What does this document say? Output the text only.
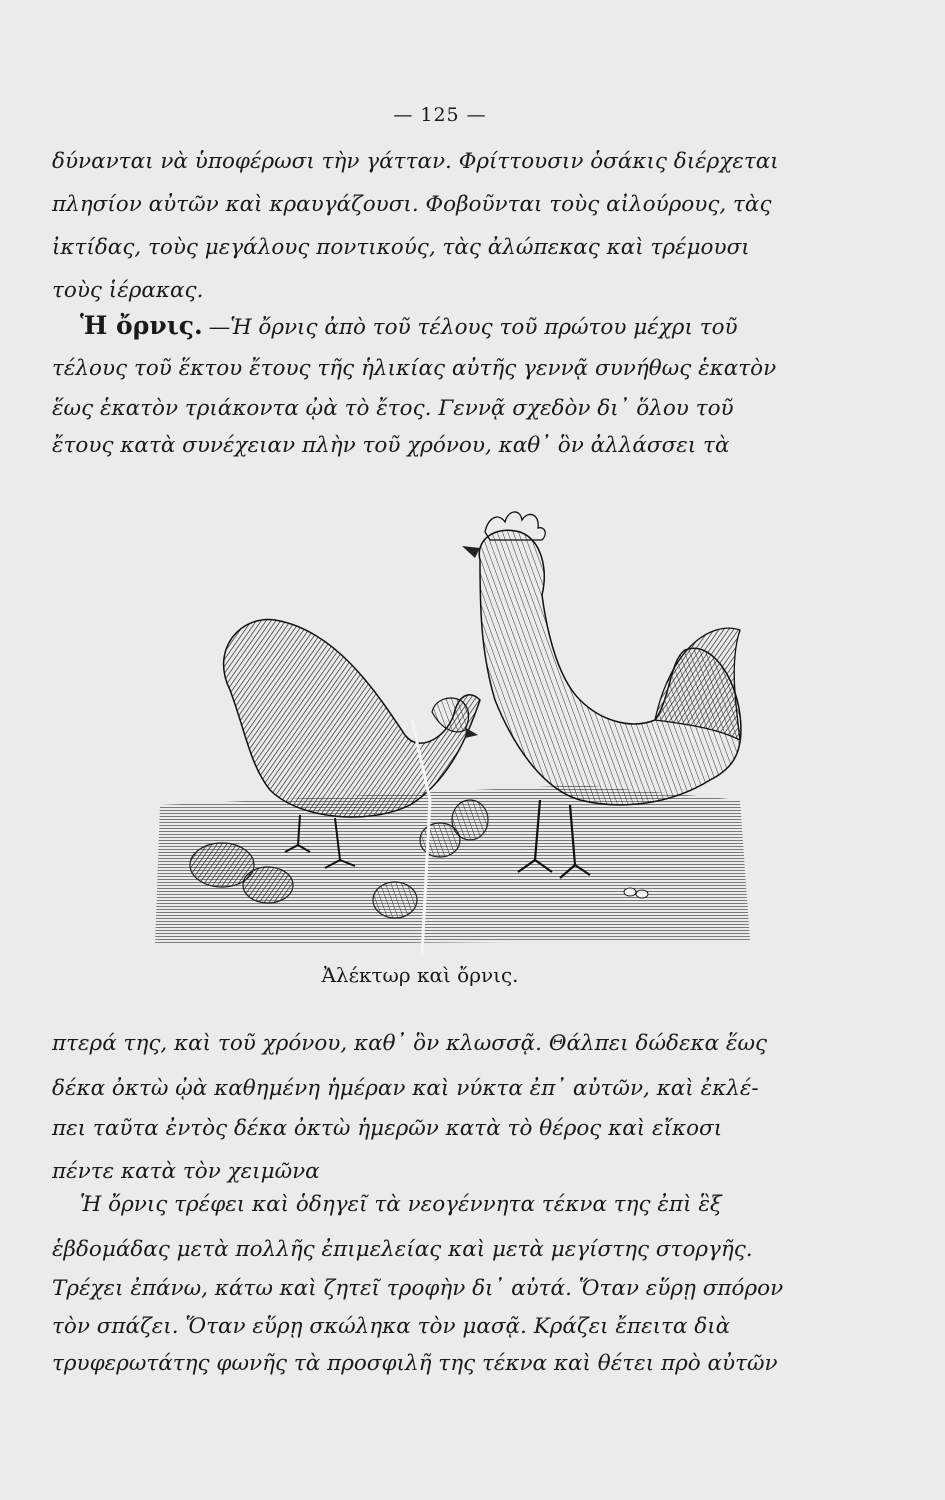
— 125 —
δύνανται νὰ ὑποφέρωσι τὴν γάτταν. Φρίττουσιν ὁσάκις διέρχεται
πλησίον αὐτῶν καὶ κραυγάζουσι. Φοβοῦνται τοὺς αἰλούρους, τὰς
ἰκτίδας, τοὺς μεγάλους ποντικούς, τὰς ἀλώπεκας καὶ τρέμουσι
τοὺς ἱέρακας.
Ἡ ὄρνις. —Ἡ ὄρνις ἀπὸ τοῦ τέλους τοῦ πρώτου μέχρι τοῦ
τέλους τοῦ ἕκτου ἔτους τῆς ἡλικίας αὐτῆς γεννᾷ συνήθως ἑκατὸν
ἕως ἑκατὸν τριάκοντα ᾠὰ τὸ ἔτος. Γεννᾷ σχεδὸν δι᾽ ὅλου τοῦ
ἔτους κατὰ συνέχειαν πλὴν τοῦ χρόνου, καθ᾽ ὃν ἀλλάσσει τὰ
Ἀλέκτωρ καὶ ὄρνις.
πτερά της, καὶ τοῦ χρόνου, καθ᾽ ὃν κλωσσᾷ. Θάλπει δώδεκα ἕως
δέκα ὀκτὼ ᾠὰ καθημένη ἡμέραν καὶ νύκτα ἐπ᾽ αὐτῶν, καὶ ἐκλέ-
πει ταῦτα ἐντὸς δέκα ὀκτὼ ἡμερῶν κατὰ τὸ θέρος καὶ εἴκοσι
πέντε κατὰ τὸν χειμῶνα
Ἡ ὄρνις τρέφει καὶ ὁδηγεῖ τὰ νεογέννητα τέκνα της ἐπὶ ἓξ
ἑβδομάδας μετὰ πολλῆς ἐπιμελείας καὶ μετὰ μεγίστης στοργῆς.
Τρέχει ἐπάνω, κάτω καὶ ζητεῖ τροφὴν δι᾽ αὐτά. Ὅταν εὕρῃ σπόρον
τὸν σπάζει. Ὅταν εὕρῃ σκώληκα τὸν μασᾷ. Κράζει ἔπειτα διὰ
τρυφερωτάτης φωνῆς τὰ προσφιλῆ της τέκνα καὶ θέτει πρὸ αὐτῶν
